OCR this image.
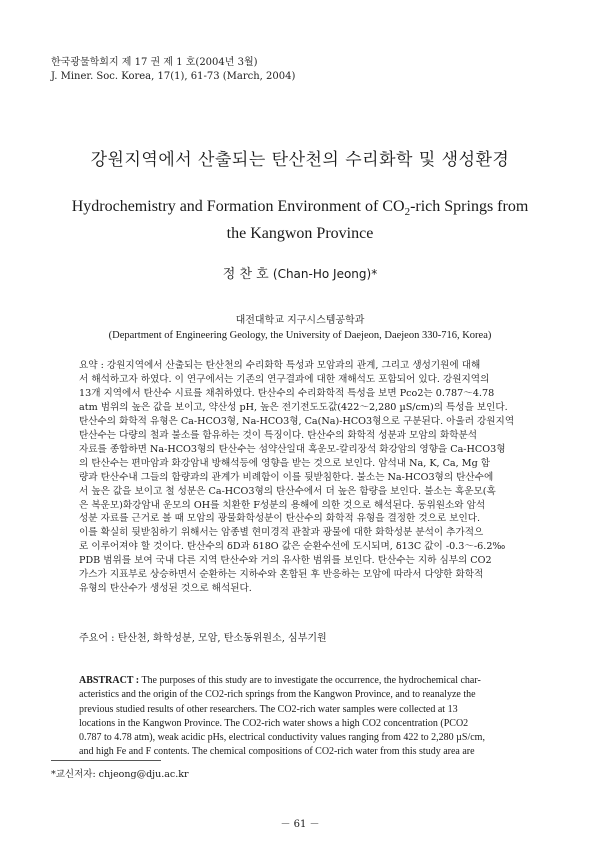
한국광물학회지 제 17 권 제 1 호(2004년 3월)
J. Miner. Soc. Korea, 17(1), 61-73 (March, 2004)
강원지역에서 산출되는 탄산천의 수리화학 및 생성환경
Hydrochemistry and Formation Environment of $CO_2$-rich Springs from
the Kangwon Province
정 찬 호 (Chan-Ho Jeong)*
대전대학교 지구시스템공학과
(Department of Engineering Geology, the University of Daejeon, Daejeon 330-716, Korea)

요약 : 강원지역에서 산출되는 탄산천의 수리화학 특성과 모암과의 관계, 그리고 생성기원에 대해

서 해석하고자 하였다. 이 연구에서는 기존의 연구결과에 대한 재해석도 포함되어 있다. 강원지역의

13개 지역에서 탄산수 시료를 채취하였다. 탄산수의 수리화학적 특성을 보면 Pco2는 0.787～4.78

atm 범위의 높은 값을 보이고, 약산성 pH, 높은 전기전도도값(422～2,280 µS/cm)의 특성을 보인다.

탄산수의 화학적 유형은 Ca-HCO3형, Na-HCO3형, Ca(Na)-HCO3형으로 구분된다. 아울러 강원지역

탄산수는 다량의 철과 불소를 함유하는 것이 특징이다. 탄산수의 화학적 성분과 모암의 화학분석

자료를 종합하면 Na-HCO3형의 탄산수는 섬약산일대 흑운모-칼리장석 화강암의 영향을 Ca-HCO3형

의 탄산수는 편마암과 화강암내 방해석등에 영향을 받는 것으로 보인다. 암석내 Na, K, Ca, Mg 함

량과 탄산수내 그들의 함량과의 관계가 비례함이 이를 뒷받침한다. 불소는 Na-HCO3형의 탄산수에

서 높은 값을 보이고 철 성분은 Ca-HCO3형의 탄산수에서 더 높은 함량을 보인다. 불소는 흑운모(흑

은 복운모)화강암내 운모의 OH를 치환한 F성분의 용해에 의한 것으로 해석된다. 동위원소와 암석

성분 자료를 근거로 볼 때 모암의 광물화학성분이 탄산수의 화학적 유형을 결정한 것으로 보인다.

이를 확실히 뒷받침하기 위해서는 암종별 현미경적 관찰과 광물에 대한 화학성분 분석이 추가적으

로 이루어져야 할 것이다. 탄산수의 δD과 δ18O 값은 순환수선에 도시되며, δ13C 값이 -0.3～-6.2‰

PDB 범위를 보여 국내 다른 지역 탄산수와 거의 유사한 범위를 보인다. 탄산수는 지하 심부의 CO2

가스가 지표부로 상승하면서 순환하는 지하수와 혼합된 후 반응하는 모암에 따라서 다양한 화학적

유형의 탄산수가 생성된 것으로 해석된다.

주요어 : 탄산천, 화학성분, 모암, 탄소동위원소, 심부기원

ABSTRACT : The purposes of this study are to investigate the occurrence, the hydrochemical char-

acteristics and the origin of the CO2-rich springs from the Kangwon Province, and to reanalyze the

previous studied results of other researchers. The CO2-rich water samples were collected at 13

locations in the Kangwon Province. The CO2-rich water shows a high CO2 concentration (PCO2

0.787 to 4.78 atm), weak acidic pHs, electrical conductivity values ranging from 422 to 2,280 µS/cm,

and high Fe and F contents. The chemical compositions of CO2-rich water from this study area are

*교신저자: chjeong@dju.ac.kr
－ 61 －
